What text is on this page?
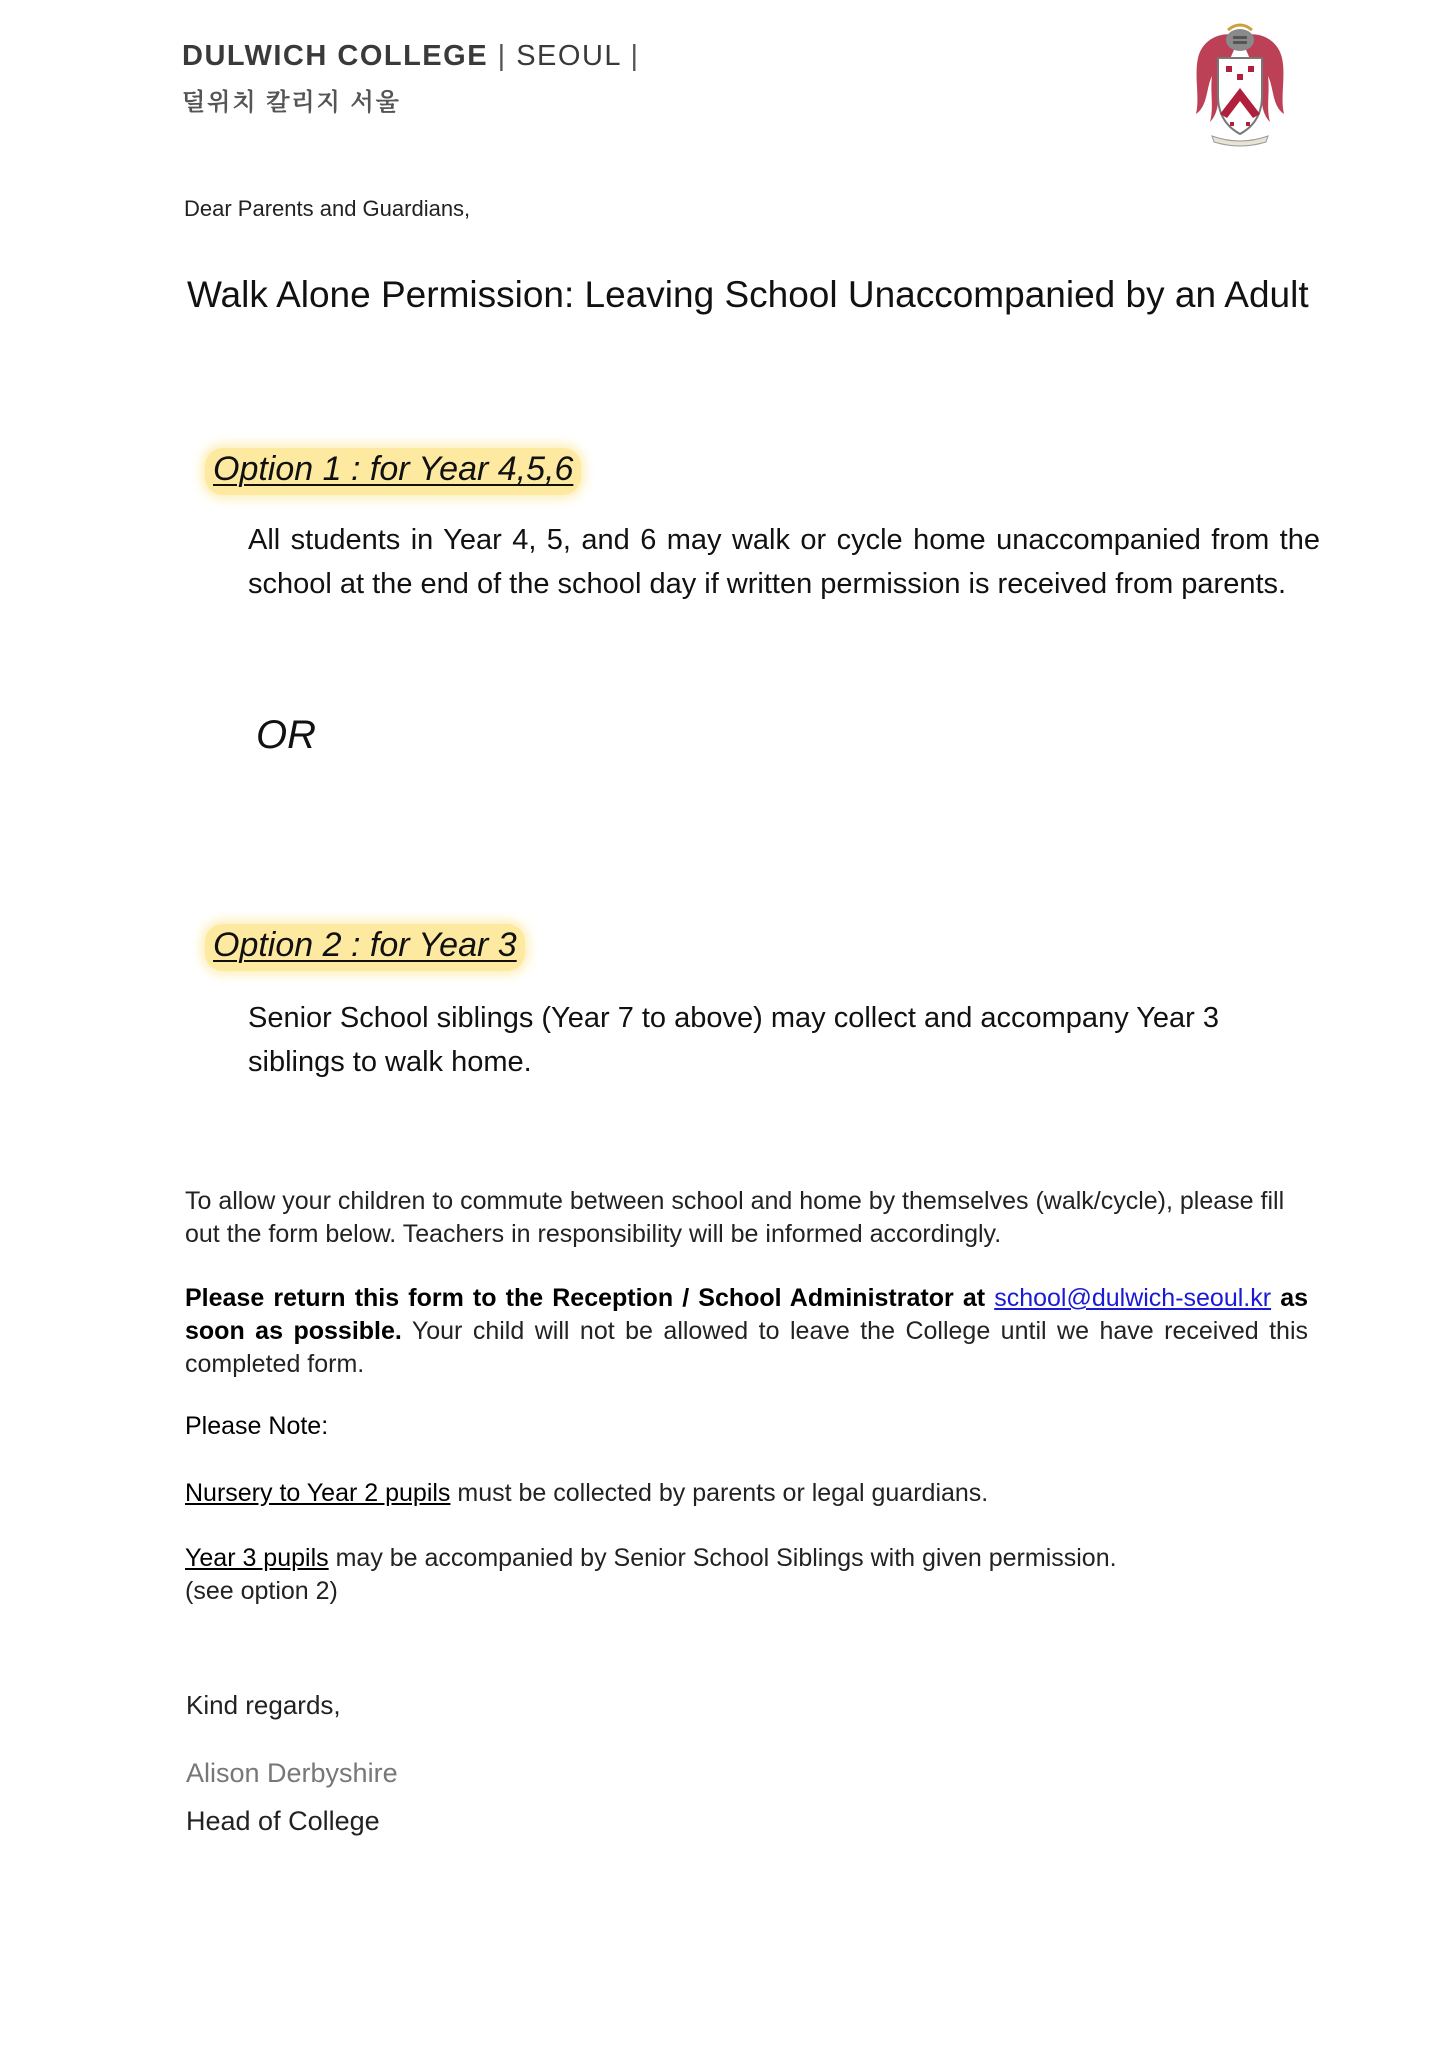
DULWICH COLLEGE | SEOUL |
덜위치 칼리지 서울
Dear Parents and Guardians,
Walk Alone Permission: Leaving School Unaccompanied by an Adult
Option 1 : for Year 4,5,6
All students in Year 4, 5, and 6 may walk or cycle home unaccompanied from the school at the end of the school day if written permission is received from parents.
OR
Option 2 : for Year 3
Senior School siblings (Year 7 to above) may collect and accompany Year 3
siblings to walk home.
To allow your children to commute between school and home by themselves (walk/cycle), please fill out the form below. Teachers in responsibility will be informed accordingly.
Please return this form to the Reception / School Administrator at school@dulwich-seoul.kr as soon as possible. Your child will not be allowed to leave the College until we have received this completed form.
Please Note:
Nursery to Year 2 pupils must be collected by parents or legal guardians.
Year 3 pupils may be accompanied by Senior School Siblings with given permission.
(see option 2)
Kind regards,
Alison Derbyshire
Head of College
